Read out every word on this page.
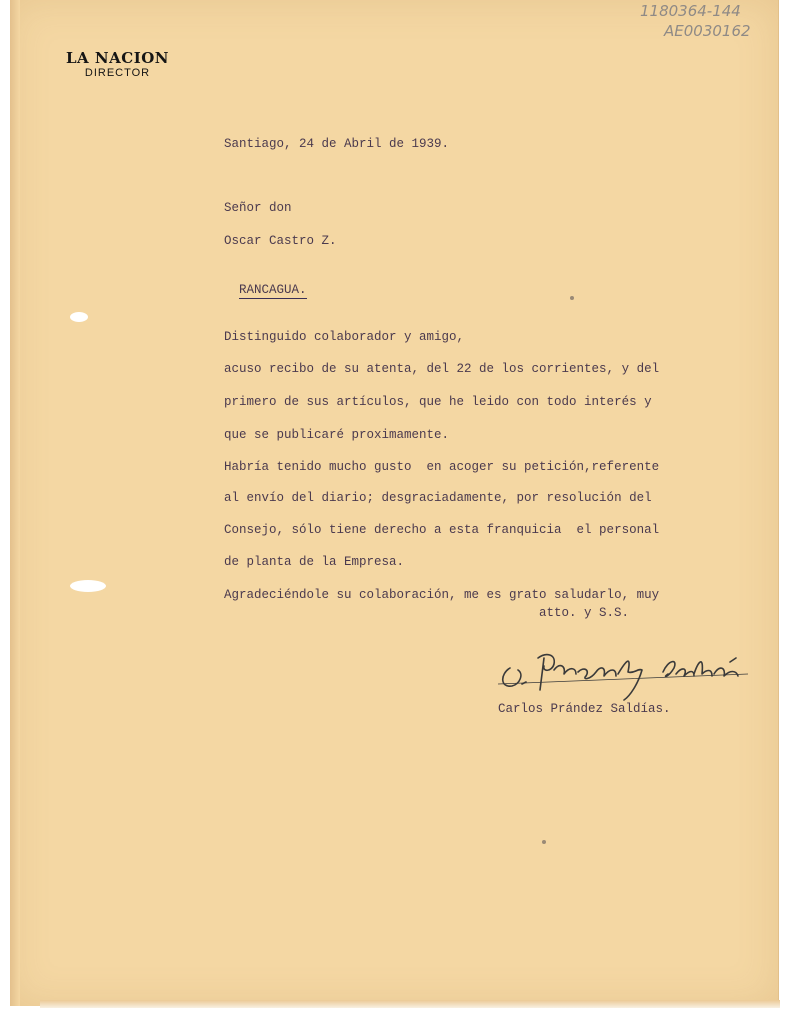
1180364-144
AE0030162
LA NACION
DIRECTOR
Santiago, 24 de Abril de 1939.
Señor don
Oscar Castro Z.

RANCAGUA.

Distinguido colaborador y amigo,
acuso recibo de su atenta, del 22 de los corrientes, y del
primero de sus artículos, que he leido con todo interés y
que se publicaré proximamente.
Habría tenido mucho gusto  en acoger su petición,referente
al envío del diario; desgraciadamente, por resolución del
Consejo, sólo tiene derecho a esta franquicia  el personal
de planta de la Empresa.
Agradeciéndole su colaboración, me es grato saludarlo, muy
atto. y S.S.
Carlos Prández Saldías.
